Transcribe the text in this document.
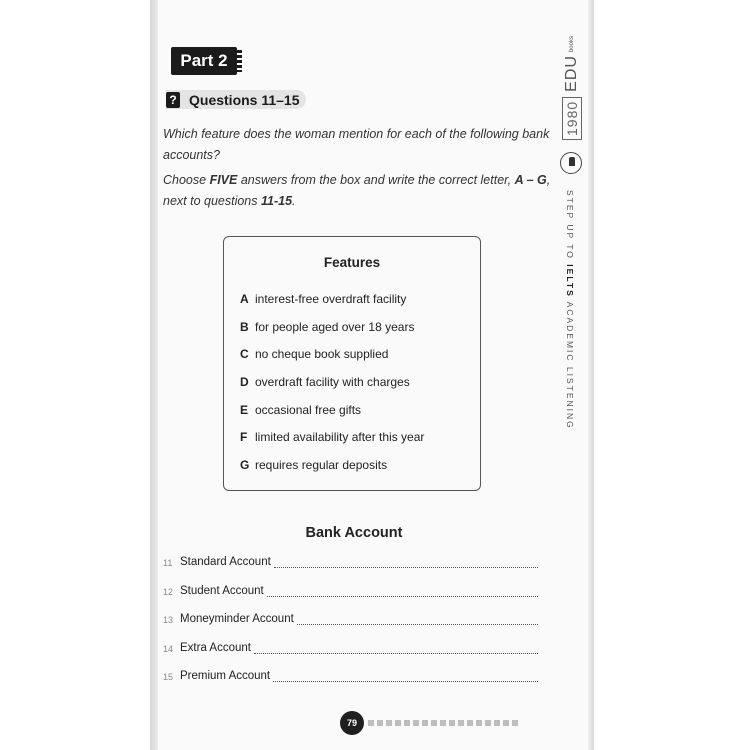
Part 2
? Questions 11–15
Which feature does the woman mention for each of the following bank
accounts?
Choose FIVE answers from the box and write the correct letter, A – G,
next to questions 11-15.
Features
A interest-free overdraft facility
B for people aged over 18 years
C no cheque book supplied
D overdraft facility with charges
E occasional free gifts
F limited availability after this year
G requires regular deposits
Bank Account
11 Standard Account
12 Student Account
13 Moneyminder Account
14 Extra Account
15 Premium Account
79
1980
EDU
books
STEP UP TO IELTS ACADEMIC LISTENING
